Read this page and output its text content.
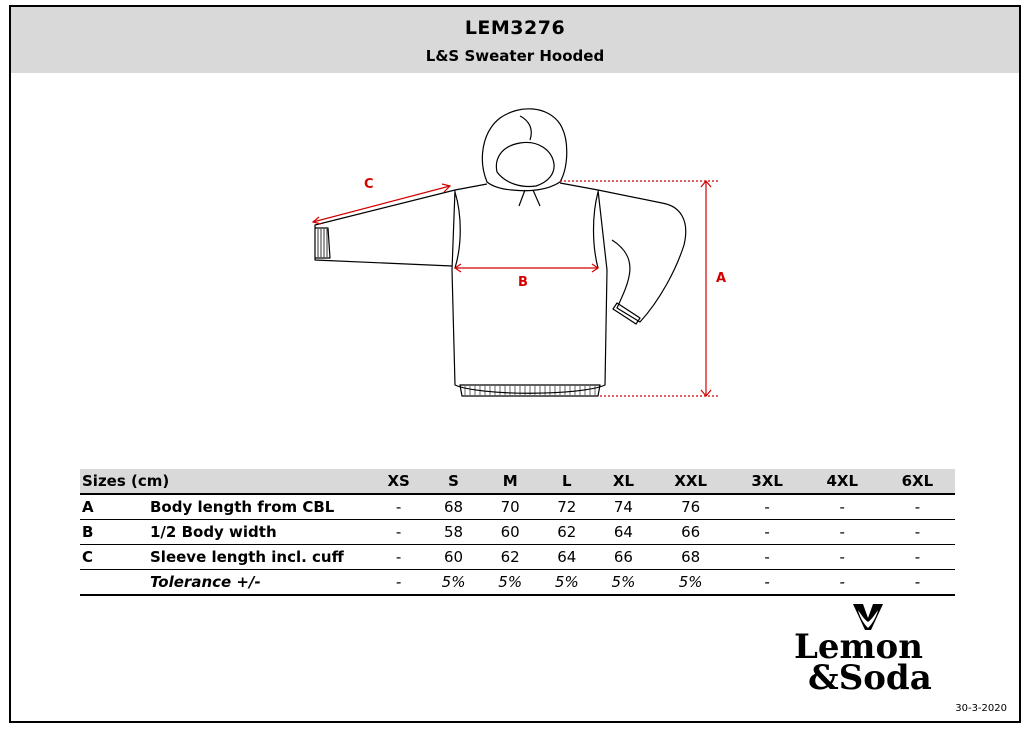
LEM3276
L&S Sweater Hooded
A
B
C
Sizes (cm)		XS	S	M	L	XL	XXL	3XL	4XL	6XL
A	Body length from CBL	-	68	70	72	74	76	-	-	-
B	1/2 Body width	-	58	60	62	64	66	-	-	-
C	Sleeve length incl. cuff	-	60	62	64	66	68	-	-	-
	Tolerance +/-	-	5%	5%	5%	5%	5%	-	-	-
Lemon
&Soda
30-3-2020
